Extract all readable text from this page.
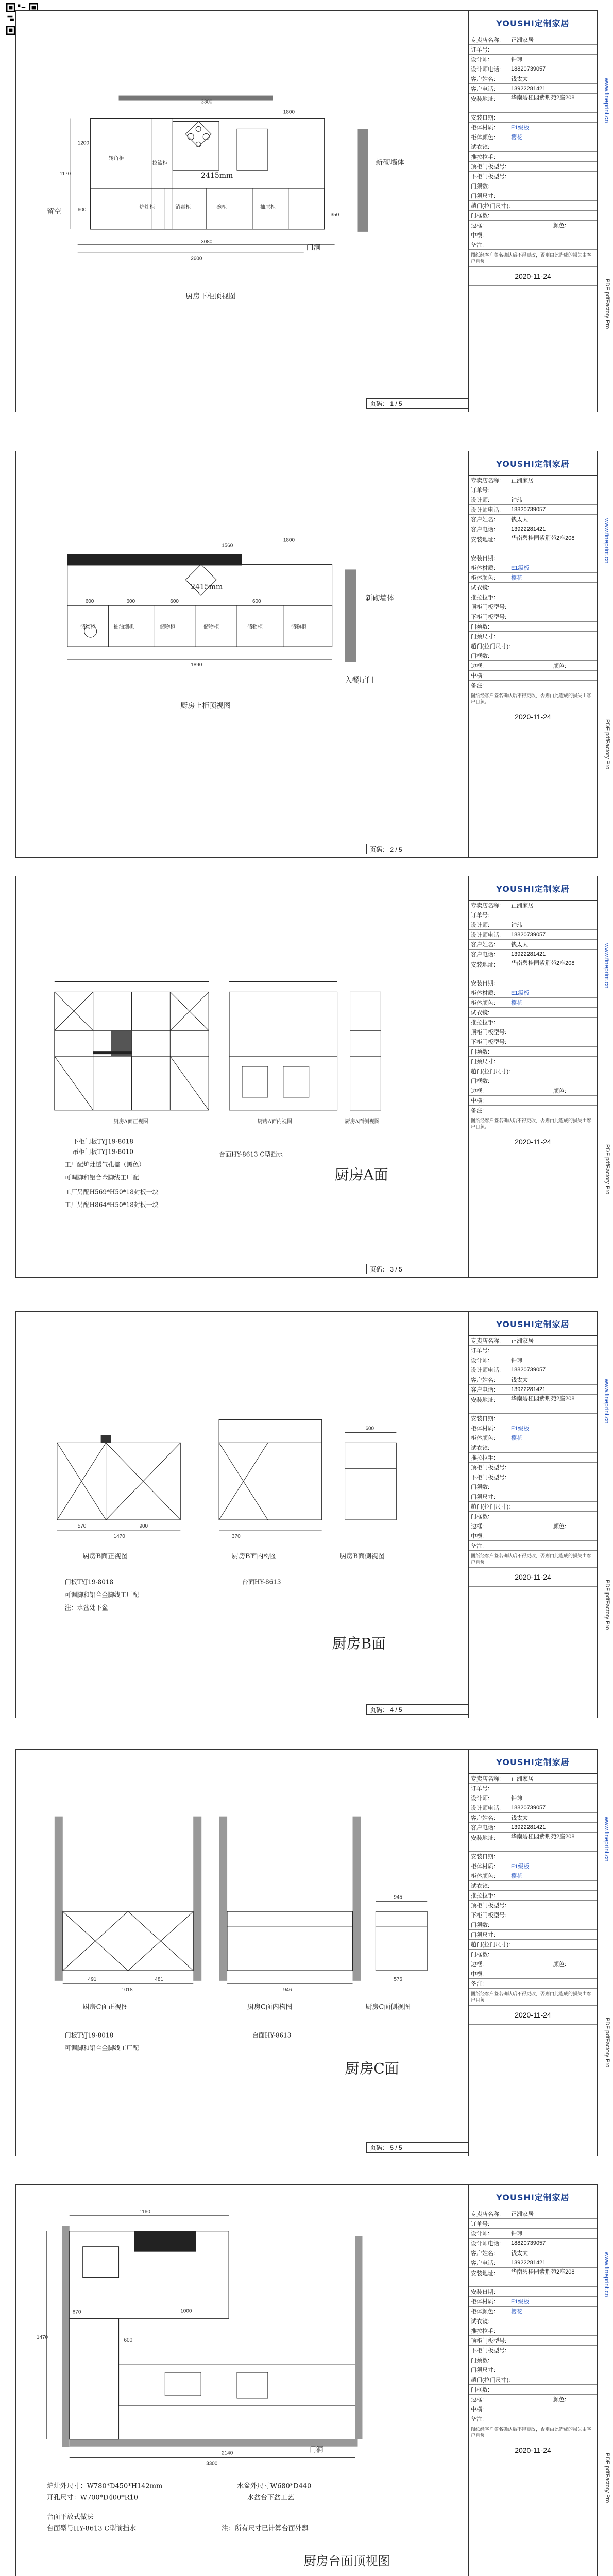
转角柜
拉篮柜
炉灶柜	消毒柜	碗柜	抽屉柜
2415mm
新砌墙体
门洞
留空
3300
3080
2600
1800
1170
600
1200
350
厨房下柜顶视图
YOUSHI定制家居
专卖店名称:	正洲家居
订单号:
设计师:	钟玮
设计师电话:	18820739057
客户姓名:	钱太太
客户电话:	13922281421
安装地址:	华南碧桂园紫荆苑2座208
安装日期:
柜体材质:	E1级板
柜体颜色:	樱花
试衣镜:
推拉拉手:
顶柜门板型号:
下柜门板型号:
门须数:
门须尺寸:
趟门(拉门尺寸):
门框数:
边框:	颜色:
中横:
备注:
图纸经客户签名确认后不得更改，否则由此造成的损失由客户自负。
2020-11-24
www.fineprint.cn
PDF pdfFactory Pro
页码： 1 / 5
储物柜	抽油烟机	储物柜	储物柜	储物柜	储物柜
2415mm
新砌墙体
入餐厅门
1800
1890
1560
600	600	600	600
厨房上柜顶视图
YOUSHI定制家居
专卖店名称:	正洲家居
订单号:
设计师:	钟玮
设计师电话:	18820739057
客户姓名:	钱太太
客户电话:	13922281421
安装地址:	华南碧桂园紫荆苑2座208
安装日期:
柜体材质:	E1级板
柜体颜色:	樱花
试衣镜:
推拉拉手:
顶柜门板型号:
下柜门板型号:
门须数:
门须尺寸:
趟门(拉门尺寸):
门框数:
边框:	颜色:
中横:
备注:
图纸经客户签名确认后不得更改，否则由此造成的损失由客户自负。
2020-11-24
www.fineprint.cn
PDF pdfFactory Pro
页码： 2 / 5
厨房A面正视图	厨房A面内视图	厨房A面侧视图
下柜门板TYJ19-8018
吊柜门板TYJ19-8010
工厂配炉灶透气孔盖（黑色）
可调脚和铝合金脚线工厂配
工厂另配H569*H50*18封板一块
工厂另配H864*H50*18封板一块
台面HY-8613 C型挡水
厨房A面
YOUSHI定制家居
专卖店名称:	正洲家居
订单号:
设计师:	钟玮
设计师电话:	18820739057
客户姓名:	钱太太
客户电话:	13922281421
安装地址:	华南碧桂园紫荆苑2座208
安装日期:
柜体材质:	E1级板
柜体颜色:	樱花
试衣镜:
推拉拉手:
顶柜门板型号:
下柜门板型号:
门须数:
门须尺寸:
趟门(拉门尺寸):
门框数:
边框:	颜色:
中横:
备注:
图纸经客户签名确认后不得更改，否则由此造成的损失由客户自负。
2020-11-24
www.fineprint.cn
PDF pdfFactory Pro
页码： 3 / 5
570	900
1470
600
370
厨房B面正视图	厨房B面内构图	厨房B面侧视图
门板TYJ19-8018
可调脚和铝合金脚线工厂配
注：水盆处下盆
台面HY-8613
厨房B面
YOUSHI定制家居
专卖店名称:	正洲家居
订单号:
设计师:	钟玮
设计师电话:	18820739057
客户姓名:	钱太太
客户电话:	13922281421
安装地址:	华南碧桂园紫荆苑2座208
安装日期:
柜体材质:	E1级板
柜体颜色:	樱花
试衣镜:
推拉拉手:
顶柜门板型号:
下柜门板型号:
门须数:
门须尺寸:
趟门(拉门尺寸):
门框数:
边框:	颜色:
中横:
备注:
图纸经客户签名确认后不得更改，否则由此造成的损失由客户自负。
2020-11-24
www.fineprint.cn
PDF pdfFactory Pro
页码： 4 / 5
491	481
1018	946
945
576
厨房C面正视图	厨房C面内构图	厨房C面侧视图
门板TYJ19-8018
可调脚和铝合金脚线工厂配
台面HY-8613
厨房C面
YOUSHI定制家居
专卖店名称:	正洲家居
订单号:
设计师:	钟玮
设计师电话:	18820739057
客户姓名:	钱太太
客户电话:	13922281421
安装地址:	华南碧桂园紫荆苑2座208
安装日期:
柜体材质:	E1级板
柜体颜色:	樱花
试衣镜:
推拉拉手:
顶柜门板型号:
下柜门板型号:
门须数:
门须尺寸:
趟门(拉门尺寸):
门框数:
边框:	颜色:
中横:
备注:
图纸经客户签名确认后不得更改，否则由此造成的损失由客户自负。
2020-11-24
www.fineprint.cn
PDF pdfFactory Pro
页码： 5 / 5
1160
2140
3300
1470	600
870	1000
门洞
炉灶外尺寸：W780*D450*H142mm
开孔尺寸：W700*D400*R10
水盆外尺寸W680*D440
水盆台下盆工艺
台面平放式做法
台面型号HY-8613 C型前挡水	注：所有尺寸已计算台面外飘
厨房台面顶视图
YOUSHI定制家居
专卖店名称:	正洲家居
订单号:
设计师:	钟玮
设计师电话:	18820739057
客户姓名:	钱太太
客户电话:	13922281421
安装地址:	华南碧桂园紫荆苑2座208
安装日期:
柜体材质:	E1级板
柜体颜色:	樱花
试衣镜:
推拉拉手:
顶柜门板型号:
下柜门板型号:
门须数:
门须尺寸:
趟门(拉门尺寸):
门框数:
边框:	颜色:
中横:
备注:
图纸经客户签名确认后不得更改，否则由此造成的损失由客户自负。
2020-11-24
www.fineprint.cn
PDF pdfFactory Pro
